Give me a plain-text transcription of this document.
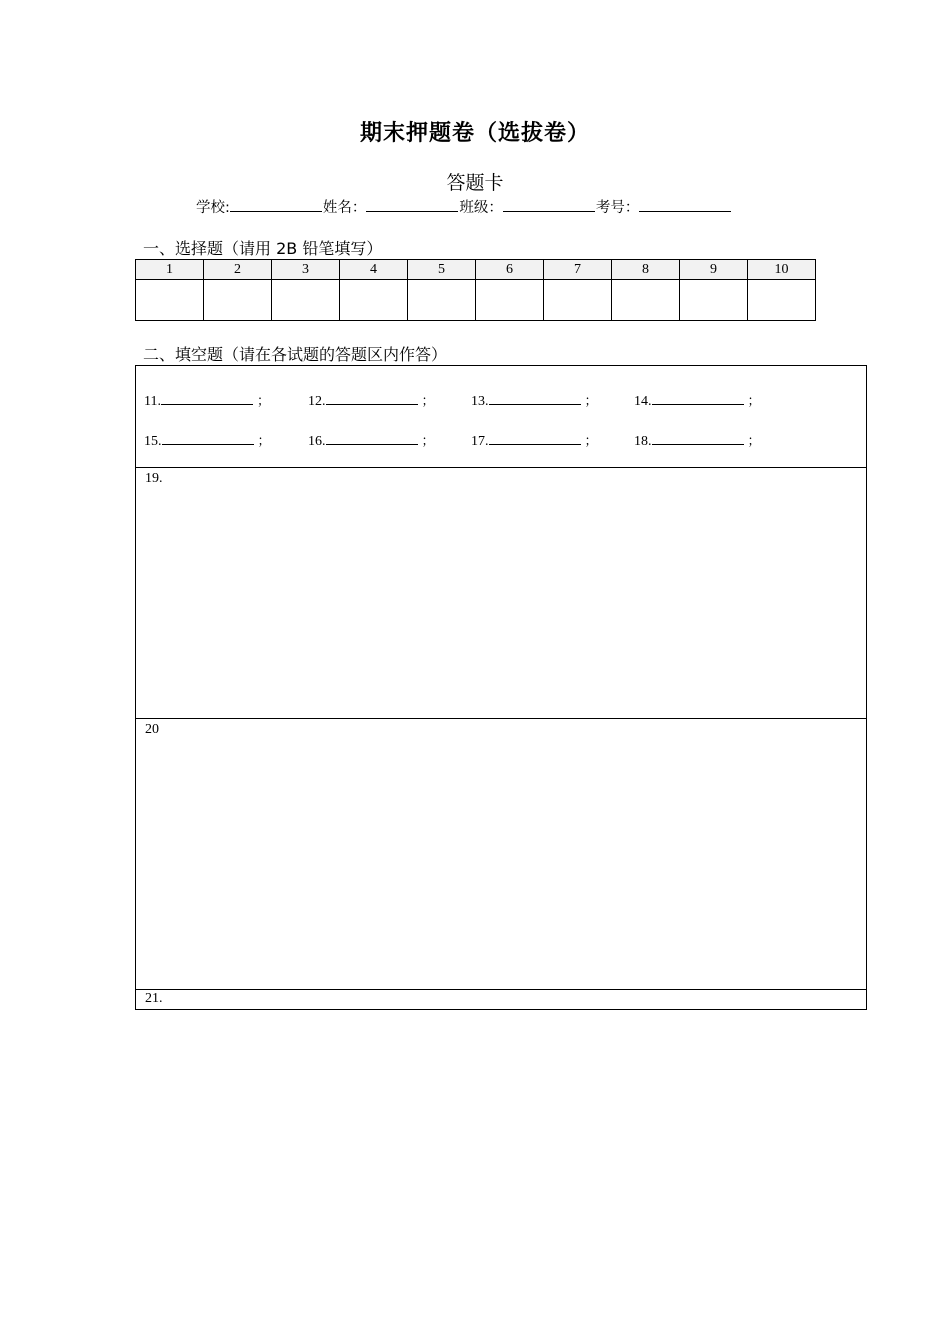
期末押题卷（选拔卷）
答题卡
学校:	姓名：	班级：	考号：
一、选择题（请用 2B 铅笔填写）
1	2	3	4	5	6	7	8	9	10

二、填空题（请在各试题的答题区内作答）
11.	；	12.	；	13.	；	14.	；
15.	；	16.	；	17.	；	18.	；
19.
20
21.
